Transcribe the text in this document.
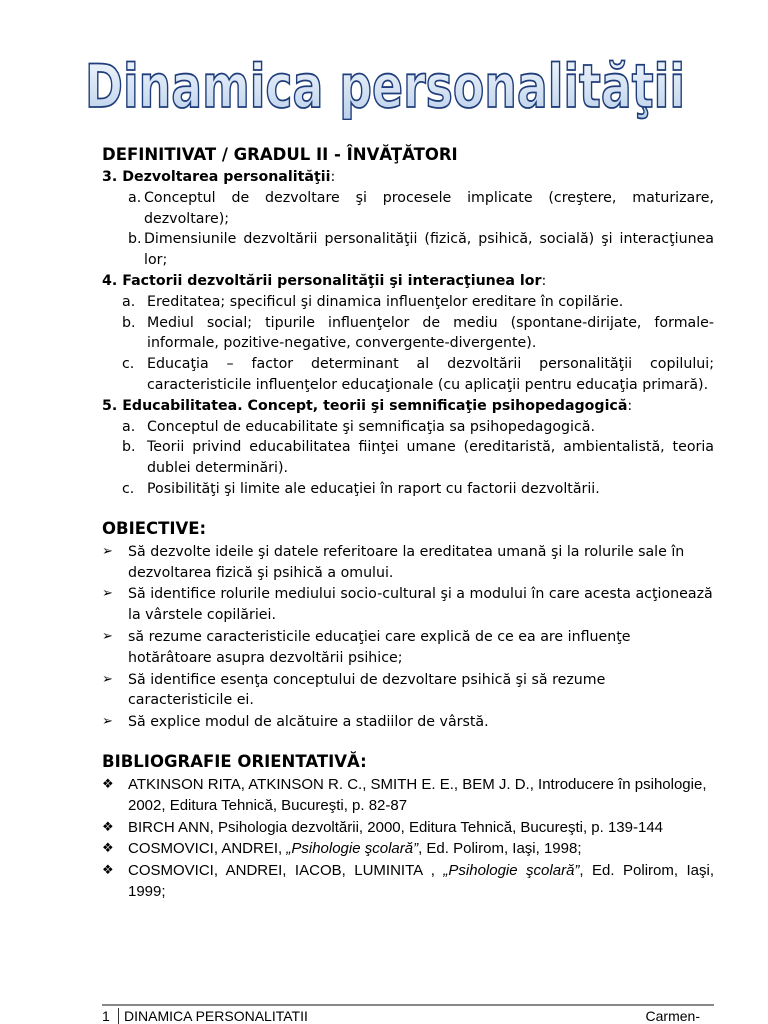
Dinamica personalităţii
DEFINITIVAT / GRADUL II - ÎNVĂŢĂTORI

3. Dezvoltarea personalităţii:

a. Conceptul de dezvoltare şi procesele implicate (creştere, maturizare, dezvoltare);
b. Dimensiunile dezvoltării personalităţii (fizică, psihică, socială) şi interacţiunea lor;

4. Factorii dezvoltării personalităţii şi interacţiunea lor:

a. Ereditatea; specificul şi dinamica influenţelor ereditare în copilărie.
b. Mediul social; tipurile influenţelor de mediu (spontane-dirijate, formale-informale, pozitive-negative, convergente-divergente).
c. Educaţia – factor determinant al dezvoltării personalităţii copilului; caracteristicile influenţelor educaţionale (cu aplicaţii pentru educaţia primară).

5. Educabilitatea. Concept, teorii şi semnificaţie psihopedagogică:

a. Conceptul de educabilitate şi semnificaţia sa psihopedagogică.
b. Teorii privind educabilitatea fiinţei umane (ereditaristă, ambientalistă, teoria dublei determinări).
c. Posibilităţi şi limite ale educaţiei în raport cu factorii dezvoltării.
OBIECTIVE:
➢	Să dezvolte ideile şi datele referitoare la ereditatea umană şi la rolurile sale în dezvoltarea fizică şi psihică a omului.
➢	Să identifice rolurile mediului socio-cultural şi a modului în care acesta acţionează la vârstele copilăriei.
➢	să rezume caracteristicile educaţiei care explică de ce ea are influenţe hotărâtoare asupra dezvoltării psihice;
➢	Să identifice esenţa conceptului de dezvoltare psihică şi să rezume caracteristicile ei.
➢	Să explice modul de alcătuire a stadiilor de vârstă.
BIBLIOGRAFIE ORIENTATIVĂ:
❖ ATKINSON RITA, ATKINSON R. C., SMITH E. E., BEM J. D., Introducere în psihologie, 2002, Editura Tehnică, Bucureşti, p. 82-87
❖ BIRCH ANN, Psihologia dezvoltării, 2000, Editura Tehnică, Bucureşti, p. 139-144
❖ COSMOVICI, ANDREI, „Psihologie şcolară”, Ed. Polirom, Iaşi, 1998;
❖ COSMOVICI, ANDREI, IACOB, LUMINITA , „Psihologie şcolară”, Ed. Polirom, Iaşi, 1999;
1 DINAMICA PERSONALITATII	Carmen-
